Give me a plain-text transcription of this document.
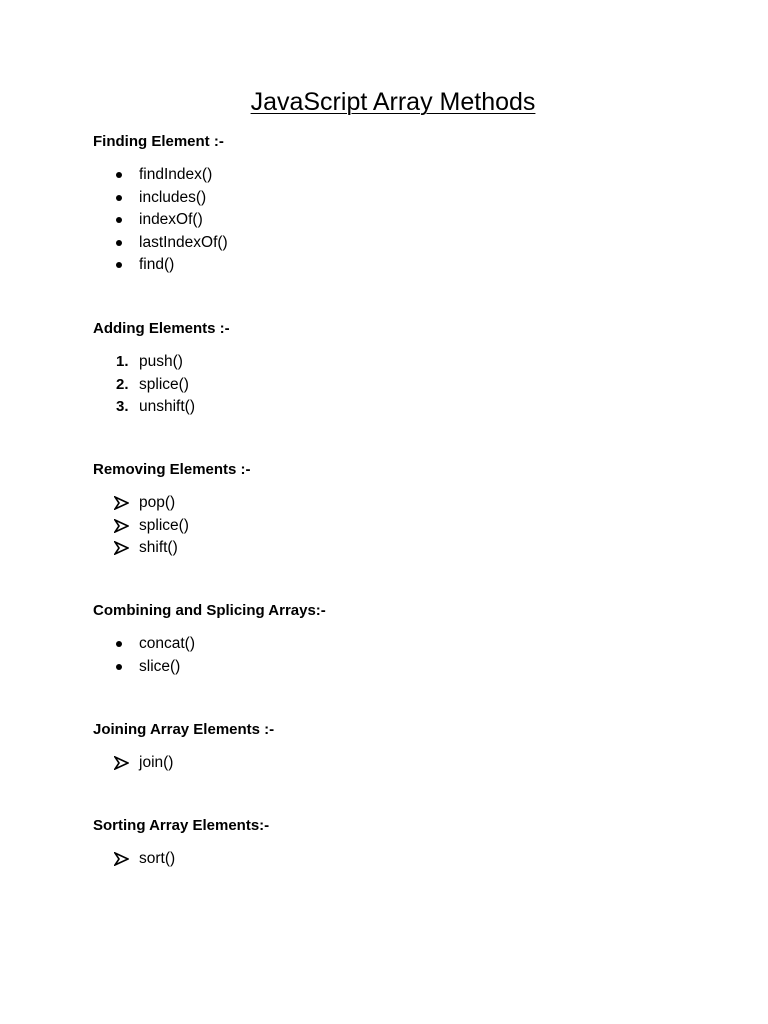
JavaScript Array Methods

Finding Element :-

findIndex()
includes()
indexOf()
lastIndexOf()
find()

Adding Elements :-

1. push()
2. splice()
3. unshift()

Removing Elements :-

pop()
splice()
shift()

Combining and Splicing Arrays:-

concat()
slice()

Joining Array Elements :-

join()

Sorting Array Elements:-

sort()
